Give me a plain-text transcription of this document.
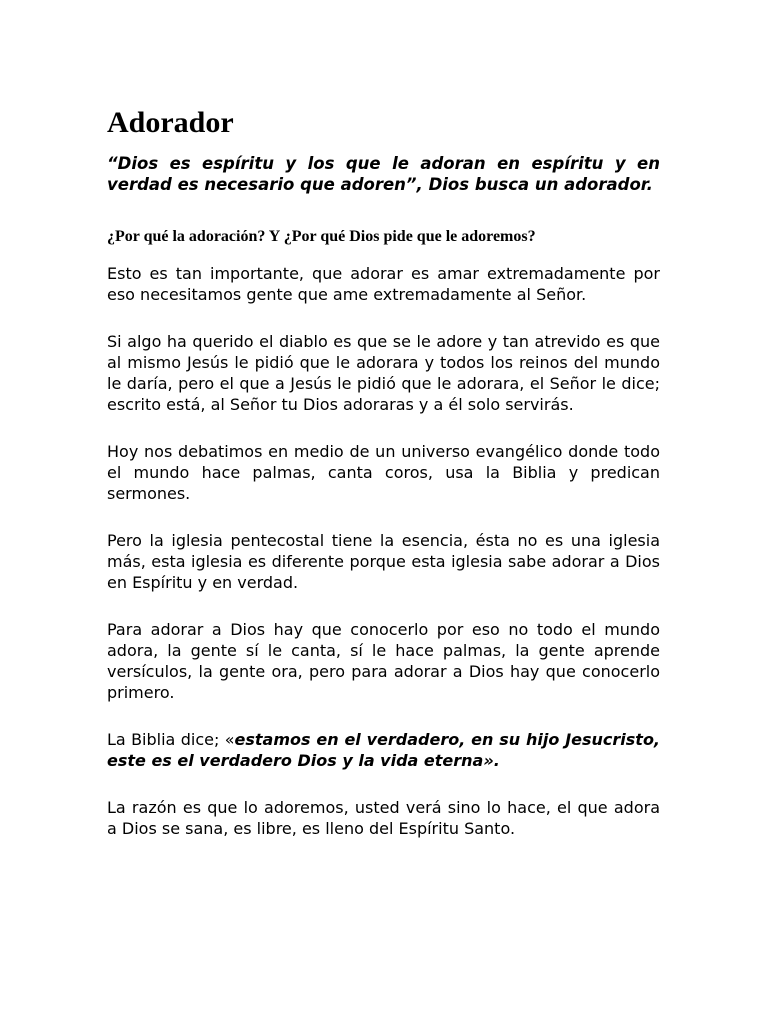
Adorador

“Dios es espíritu y los que le adoran en espíritu y en verdad es necesario que adoren”, Dios busca un adorador.

¿Por qué la adoración? Y ¿Por qué Dios pide que le adoremos?

Esto es tan importante, que adorar es amar extremadamente por eso necesitamos gente que ame extremadamente al Señor.

Si algo ha querido el diablo es que se le adore y tan atrevido es que al mismo Jesús le pidió que le adorara y todos los reinos del mundo le daría, pero el que a Jesús le pidió que le adorara, el Señor le dice; escrito está, al Señor tu Dios adoraras y a él solo servirás.

Hoy nos debatimos en medio de un universo evangélico donde todo el mundo hace palmas, canta coros, usa la Biblia y predican sermones.

Pero la iglesia pentecostal tiene la esencia, ésta no es una iglesia más, esta iglesia es diferente porque esta iglesia sabe adorar a Dios en Espíritu y en verdad.

Para adorar a Dios hay que conocerlo por eso no todo el mundo adora, la gente sí le canta, sí le hace palmas, la gente aprende versículos, la gente ora, pero para adorar a Dios hay que conocerlo primero.

La Biblia dice; «estamos en el verdadero, en su hijo Jesucristo, este es el verdadero Dios y la vida eterna».

La razón es que lo adoremos, usted verá sino lo hace, el que adora a Dios se sana, es libre, es lleno del Espíritu Santo.
